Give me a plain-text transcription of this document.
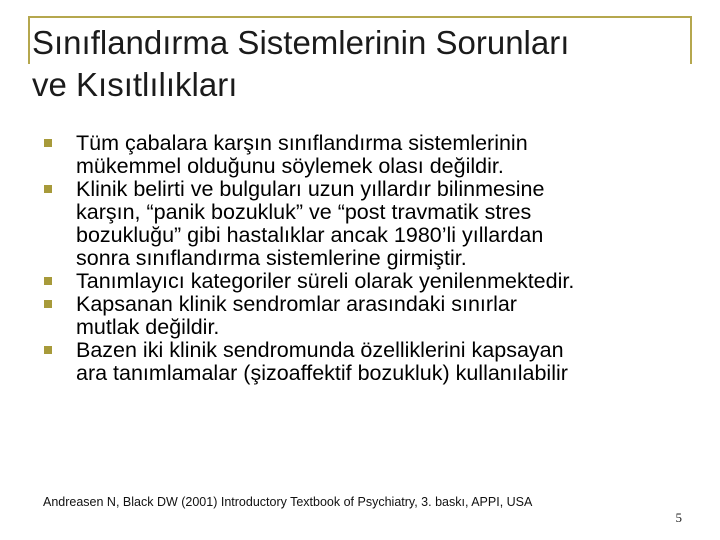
Sınıflandırma Sistemlerinin Sorunları
ve Kısıtlılıkları
Tüm çabalara karşın sınıflandırma sistemlerinin
mükemmel olduğunu söylemek olası değildir.
Klinik belirti ve bulguları uzun yıllardır bilinmesine
karşın, “panik bozukluk” ve “post travmatik stres
bozukluğu” gibi hastalıklar ancak 1980’li yıllardan
sonra sınıflandırma sistemlerine girmiştir.
Tanımlayıcı kategoriler süreli olarak yenilenmektedir.
Kapsanan klinik sendromlar arasındaki sınırlar
mutlak değildir.
Bazen iki klinik sendromunda özelliklerini kapsayan
ara tanımlamalar (şizoaffektif bozukluk) kullanılabilir
Andreasen N, Black DW (2001) Introductory Textbook of Psychiatry, 3. baskı, APPI, USA
5
